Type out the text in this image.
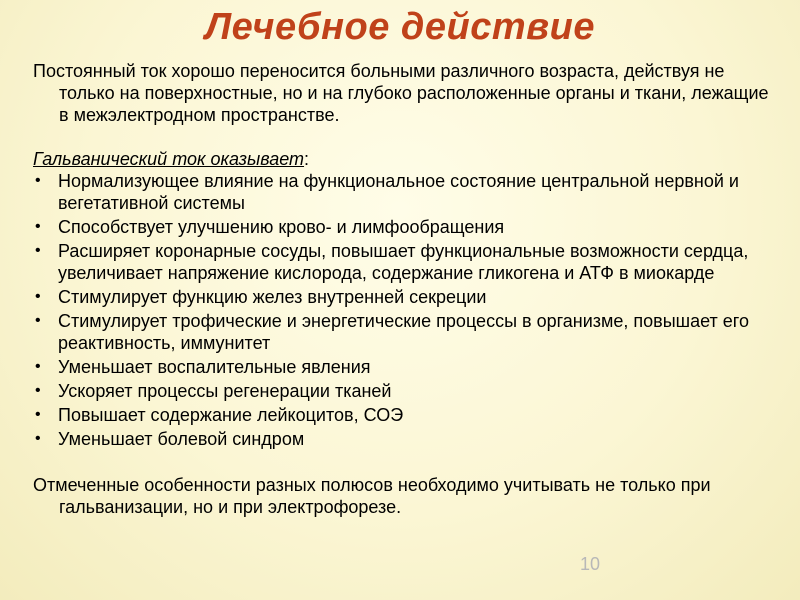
Лечебное действие

Постоянный ток хорошо переносится больными различного возраста, действуя не только на поверхностные, но и на глубоко расположенные органы и ткани, лежащие в межэлектродном пространстве.

Гальванический ток оказывает:

• Нормализующее влияние на функциональное состояние центральной нервной и вегетативной системы
• Способствует улучшению крово- и лимфообращения
• Расширяет коронарные сосуды, повышает функциональные возможности сердца, увеличивает напряжение кислорода, содержание гликогена и АТФ в миокарде
• Стимулирует функцию желез внутренней секреции
• Стимулирует трофические и энергетические процессы в организме, повышает его реактивность, иммунитет
• Уменьшает воспалительные явления
• Ускоряет процессы регенерации тканей
• Повышает содержание лейкоцитов, СОЭ
• Уменьшает болевой синдром

Отмеченные особенности разных полюсов необходимо учитывать не только при гальванизации, но и при электрофорезе.

10
